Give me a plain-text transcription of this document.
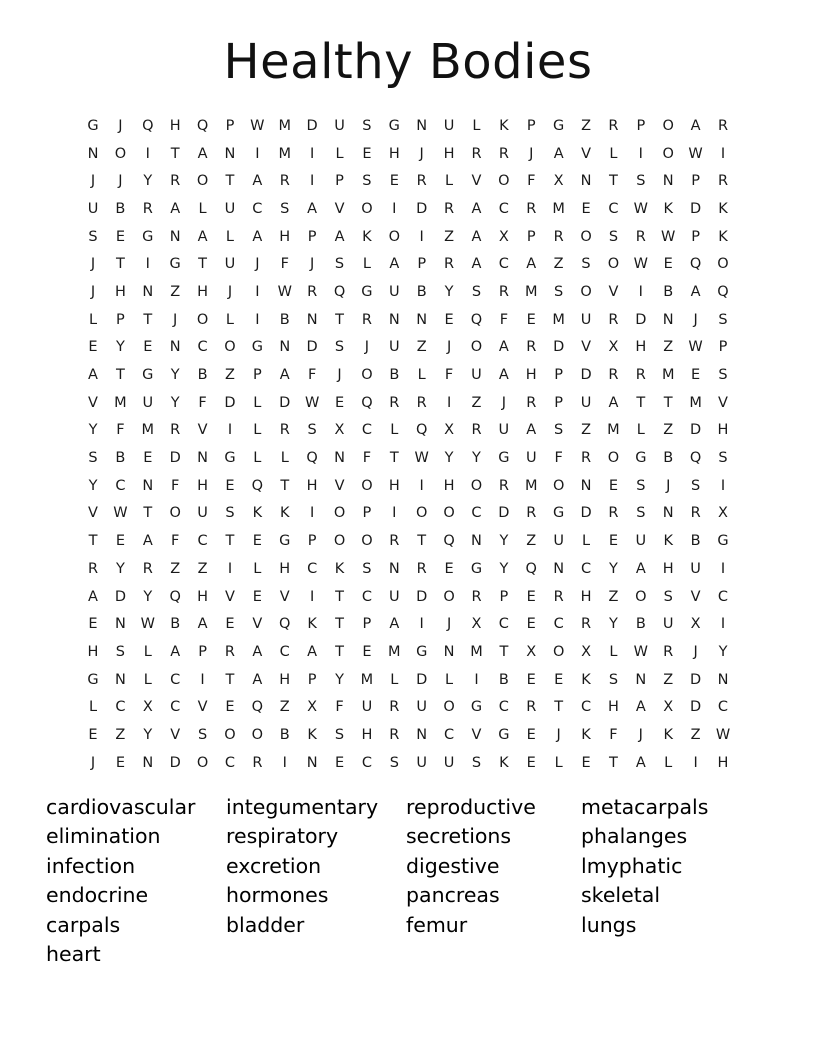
Healthy Bodies
G	J	Q	H	Q	P	W	M	D	U	S	G	N	U	L	K	P	G	Z	R	P	O	A	R
N	O	I	T	A	N	I	M	I	L	E	H	J	H	R	R	J	A	V	L	I	O	W	I
J	J	Y	R	O	T	A	R	I	P	S	E	R	L	V	O	F	X	N	T	S	N	P	R
U	B	R	A	L	U	C	S	A	V	O	I	D	R	A	C	R	M	E	C	W	K	D	K
S	E	G	N	A	L	A	H	P	A	K	O	I	Z	A	X	P	R	O	S	R	W	P	K
J	T	I	G	T	U	J	F	J	S	L	A	P	R	A	C	A	Z	S	O	W	E	Q	O
J	H	N	Z	H	J	I	W	R	Q	G	U	B	Y	S	R	M	S	O	V	I	B	A	Q
L	P	T	J	O	L	I	B	N	T	R	N	N	E	Q	F	E	M	U	R	D	N	J	S
E	Y	E	N	C	O	G	N	D	S	J	U	Z	J	O	A	R	D	V	X	H	Z	W	P
A	T	G	Y	B	Z	P	A	F	J	O	B	L	F	U	A	H	P	D	R	R	M	E	S
V	M	U	Y	F	D	L	D	W	E	Q	R	R	I	Z	J	R	P	U	A	T	T	M	V
Y	F	M	R	V	I	L	R	S	X	C	L	Q	X	R	U	A	S	Z	M	L	Z	D	H
S	B	E	D	N	G	L	L	Q	N	F	T	W	Y	Y	G	U	F	R	O	G	B	Q	S
Y	C	N	F	H	E	Q	T	H	V	O	H	I	H	O	R	M	O	N	E	S	J	S	I
V	W	T	O	U	S	K	K	I	O	P	I	O	O	C	D	R	G	D	R	S	N	R	X
T	E	A	F	C	T	E	G	P	O	O	R	T	Q	N	Y	Z	U	L	E	U	K	B	G
R	Y	R	Z	Z	I	L	H	C	K	S	N	R	E	G	Y	Q	N	C	Y	A	H	U	I
A	D	Y	Q	H	V	E	V	I	T	C	U	D	O	R	P	E	R	H	Z	O	S	V	C
E	N	W	B	A	E	V	Q	K	T	P	A	I	J	X	C	E	C	R	Y	B	U	X	I
H	S	L	A	P	R	A	C	A	T	E	M	G	N	M	T	X	O	X	L	W	R	J	Y
G	N	L	C	I	T	A	H	P	Y	M	L	D	L	I	B	E	E	K	S	N	Z	D	N
L	C	X	C	V	E	Q	Z	X	F	U	R	U	O	G	C	R	T	C	H	A	X	D	C
E	Z	Y	V	S	O	O	B	K	S	H	R	N	C	V	G	E	J	K	F	J	K	Z	W
J	E	N	D	O	C	R	I	N	E	C	S	U	U	S	K	E	L	E	T	A	L	I	H
cardiovascular
elimination
infection
endocrine
carpals
heart
integumentary
respiratory
excretion
hormones
bladder
reproductive
secretions
digestive
pancreas
femur
metacarpals
phalanges
lmyphatic
skeletal
lungs
